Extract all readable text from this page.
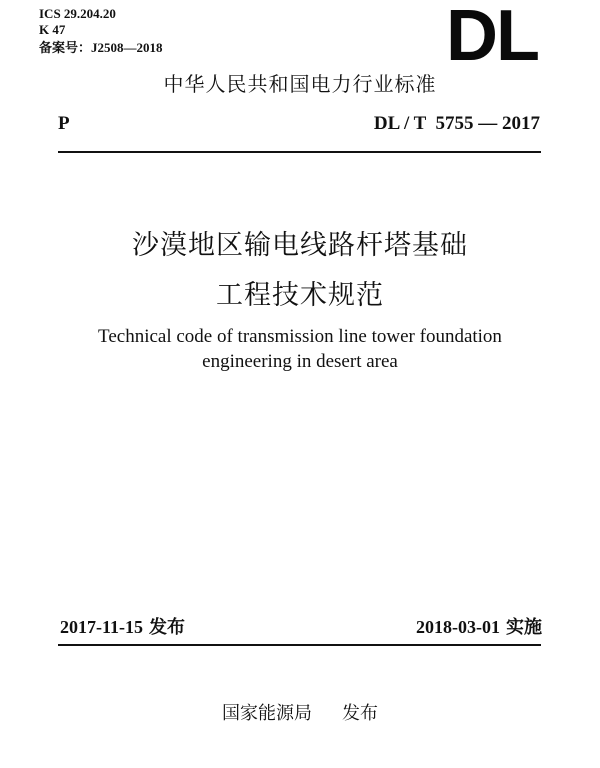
ICS 29.204.20
K 47
备案号：J2508—2018	DL
中华人民共和国电力行业标准
P	DL / T  5755 — 2017
沙漠地区输电线路杆塔基础
工程技术规范
Technical code of transmission line tower foundation
engineering in desert area
2017-11-15 发布	2018-03-01 实施
国家能源局 发布
